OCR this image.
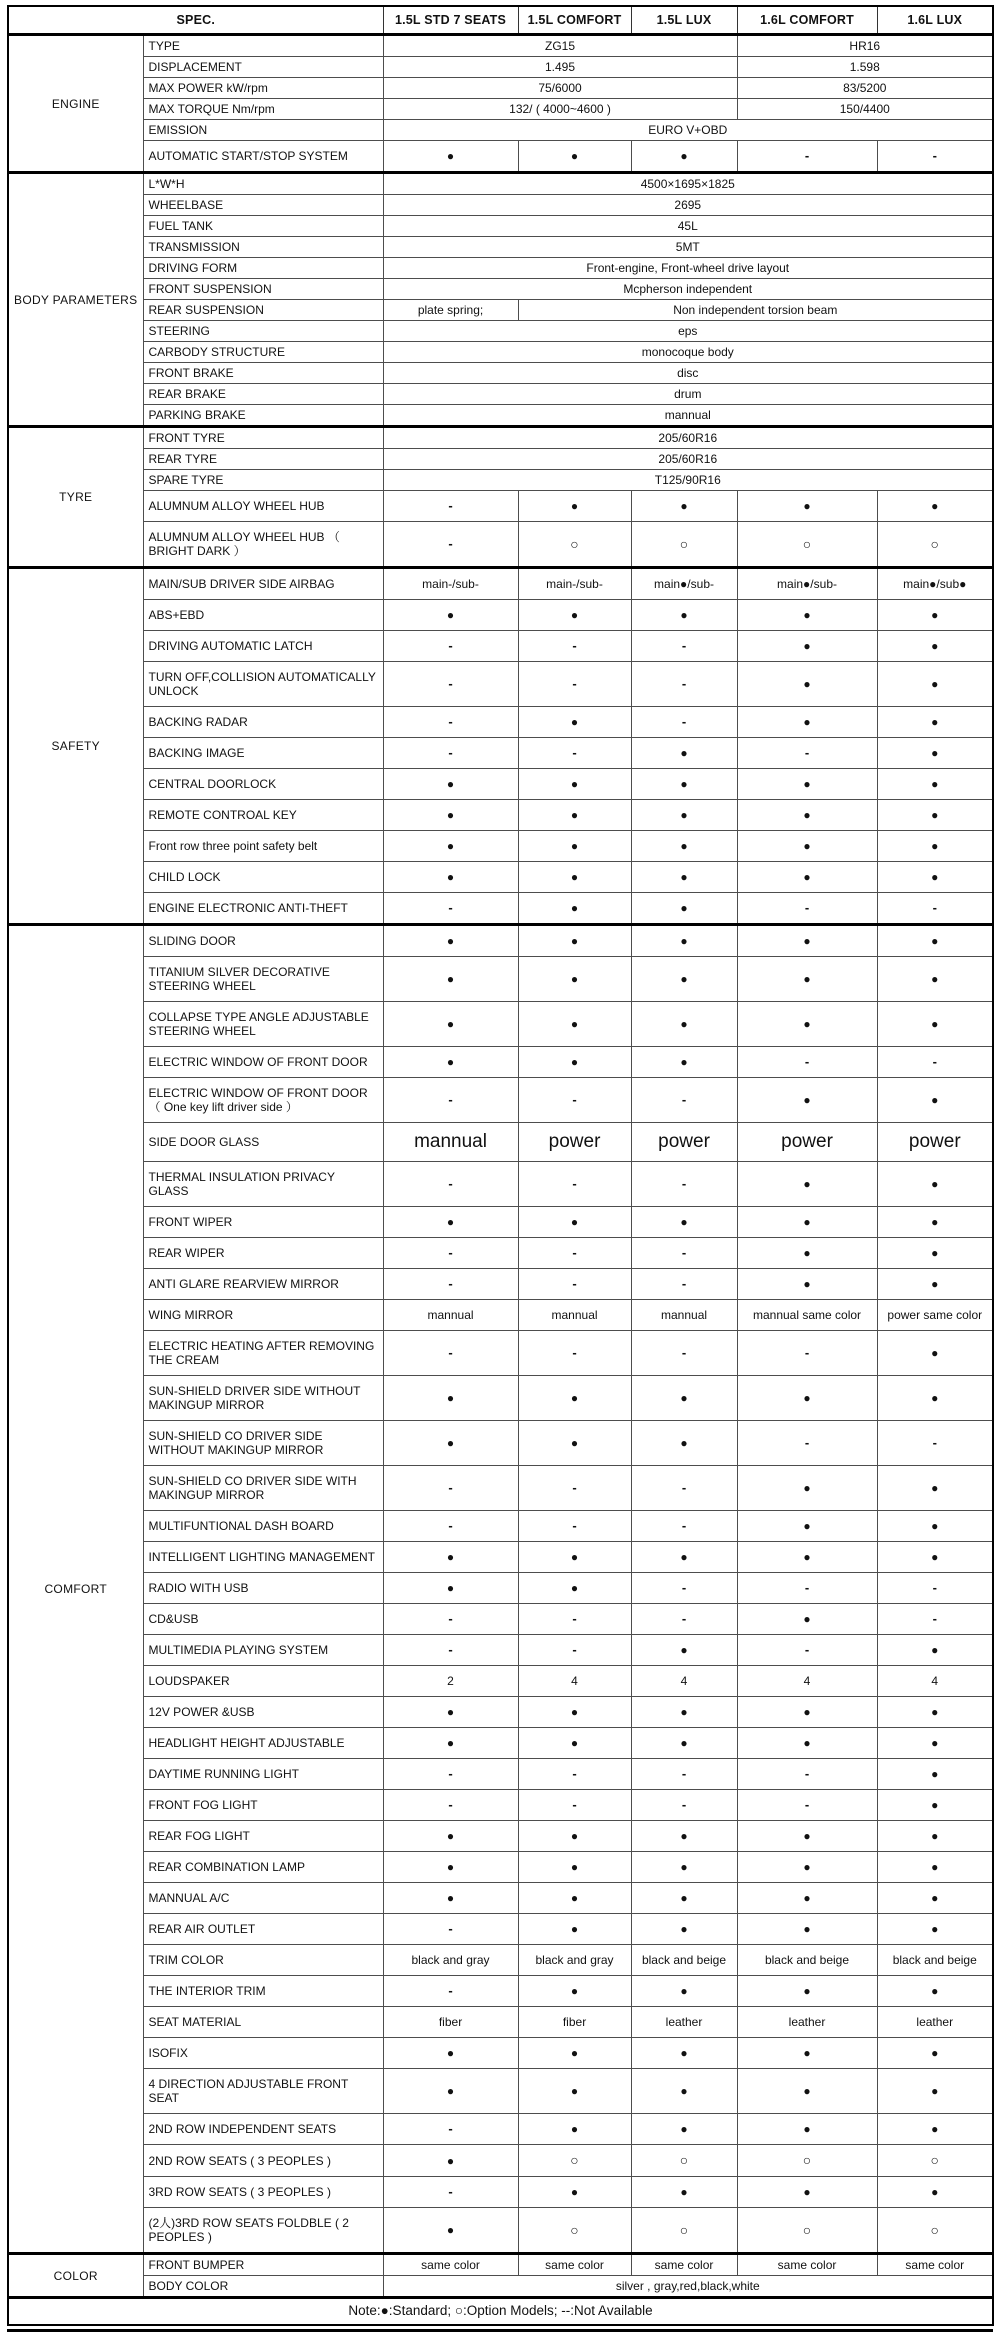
SPEC.		1.5L STD 7 SEATS	1.5L COMFORT	1.5L LUX	1.6L COMFORT	1.6L LUX
ENGINE	TYPE	ZG15			HR16	
	DISPLACEMENT	1.495			1.598	
	MAX POWER kW/rpm	75/6000			83/5200	
	MAX TORQUE Nm/rpm	132/ ( 4000~4600 )			150/4400	
	EMISSION	EURO V+OBD				
	AUTOMATIC START/STOP SYSTEM	●	●	●	-	-
BODY PARAMETERS	L*W*H	4500×1695×1825				
	WHEELBASE	2695				
	FUEL TANK	45L				
	TRANSMISSION	5MT				
	DRIVING FORM	Front-engine, Front-wheel drive layout				
	FRONT SUSPENSION	Mcpherson independent				
	REAR SUSPENSION	plate spring;	Non independent torsion beam			
	STEERING	eps				
	CARBODY STRUCTURE	monocoque body				
	FRONT BRAKE	disc				
	REAR BRAKE	drum				
	PARKING BRAKE	mannual				
TYRE	FRONT TYRE	205/60R16				
	REAR TYRE	205/60R16				
	SPARE TYRE	T125/90R16				
	ALUMNUM ALLOY WHEEL HUB	-	●	●	●	●
	ALUMNUM ALLOY WHEEL HUB （ BRIGHT DARK ）	-	○	○	○	○
SAFETY	MAIN/SUB DRIVER SIDE AIRBAG	main-/sub-	main-/sub-	main●/sub-	main●/sub-	main●/sub●
	ABS+EBD	●	●	●	●	●
	DRIVING AUTOMATIC LATCH	-	-	-	●	●
	TURN OFF,COLLISION AUTOMATICALLY UNLOCK	-	-	-	●	●
	BACKING RADAR	-	●	-	●	●
	BACKING IMAGE	-	-	●	-	●
	CENTRAL DOORLOCK	●	●	●	●	●
	REMOTE CONTROAL KEY	●	●	●	●	●
	Front row three point safety belt	●	●	●	●	●
	CHILD LOCK	●	●	●	●	●
	ENGINE ELECTRONIC ANTI-THEFT	-	●	●	-	-
COMFORT	SLIDING DOOR	●	●	●	●	●
	TITANIUM SILVER DECORATIVE STEERING WHEEL	●	●	●	●	●
	COLLAPSE TYPE ANGLE ADJUSTABLE STEERING WHEEL	●	●	●	●	●
	ELECTRIC WINDOW OF FRONT DOOR	●	●	●	-	-
	ELECTRIC WINDOW OF FRONT DOOR （ One key lift driver side ）	-	-	-	●	●
	SIDE DOOR GLASS	mannual	power	power	power	power
	THERMAL INSULATION PRIVACY GLASS	-	-	-	●	●
	FRONT WIPER	●	●	●	●	●
	REAR WIPER	-	-	-	●	●
	ANTI GLARE REARVIEW MIRROR	-	-	-	●	●
	WING MIRROR	mannual	mannual	mannual	mannual same color	power same color
	ELECTRIC HEATING AFTER REMOVING THE CREAM	-	-	-	-	●
	SUN-SHIELD DRIVER SIDE WITHOUT MAKINGUP MIRROR	●	●	●	●	●
	SUN-SHIELD CO DRIVER SIDE WITHOUT MAKINGUP MIRROR	●	●	●	-	-
	SUN-SHIELD CO DRIVER SIDE WITH MAKINGUP MIRROR	-	-	-	●	●
	MULTIFUNTIONAL DASH BOARD	-	-	-	●	●
	INTELLIGENT LIGHTING MANAGEMENT	●	●	●	●	●
	RADIO WITH USB	●	●	-	-	-
	CD&USB	-	-	-	●	-
	MULTIMEDIA PLAYING SYSTEM	-	-	●	-	●
	LOUDSPAKER	2	4	4	4	4
	12V POWER &USB	●	●	●	●	●
	HEADLIGHT HEIGHT ADJUSTABLE	●	●	●	●	●
	DAYTIME RUNNING LIGHT	-	-	-	-	●
	FRONT FOG LIGHT	-	-	-	-	●
	REAR FOG LIGHT	●	●	●	●	●
	REAR COMBINATION LAMP	●	●	●	●	●
	MANNUAL A/C	●	●	●	●	●
	REAR AIR OUTLET	-	●	●	●	●
	TRIM COLOR	black and gray	black and gray	black and beige	black and beige	black and beige
	THE INTERIOR TRIM	-	●	●	●	●
	SEAT MATERIAL	fiber	fiber	leather	leather	leather
	ISOFIX	●	●	●	●	●
	4 DIRECTION ADJUSTABLE FRONT SEAT	●	●	●	●	●
	2ND ROW INDEPENDENT SEATS	-	●	●	●	●
	2ND ROW SEATS ( 3 PEOPLES )	●	○	○	○	○
	3RD ROW SEATS ( 3 PEOPLES )	-	●	●	●	●
	(2人)3RD ROW SEATS FOLDBLE ( 2 PEOPLES )	●	○	○	○	○
COLOR	FRONT BUMPER	same color	same color	same color	same color	same color
	BODY COLOR	silver , gray,red,black,white				
Note:●:Standard; ○:Option Models; --:Not Available						
